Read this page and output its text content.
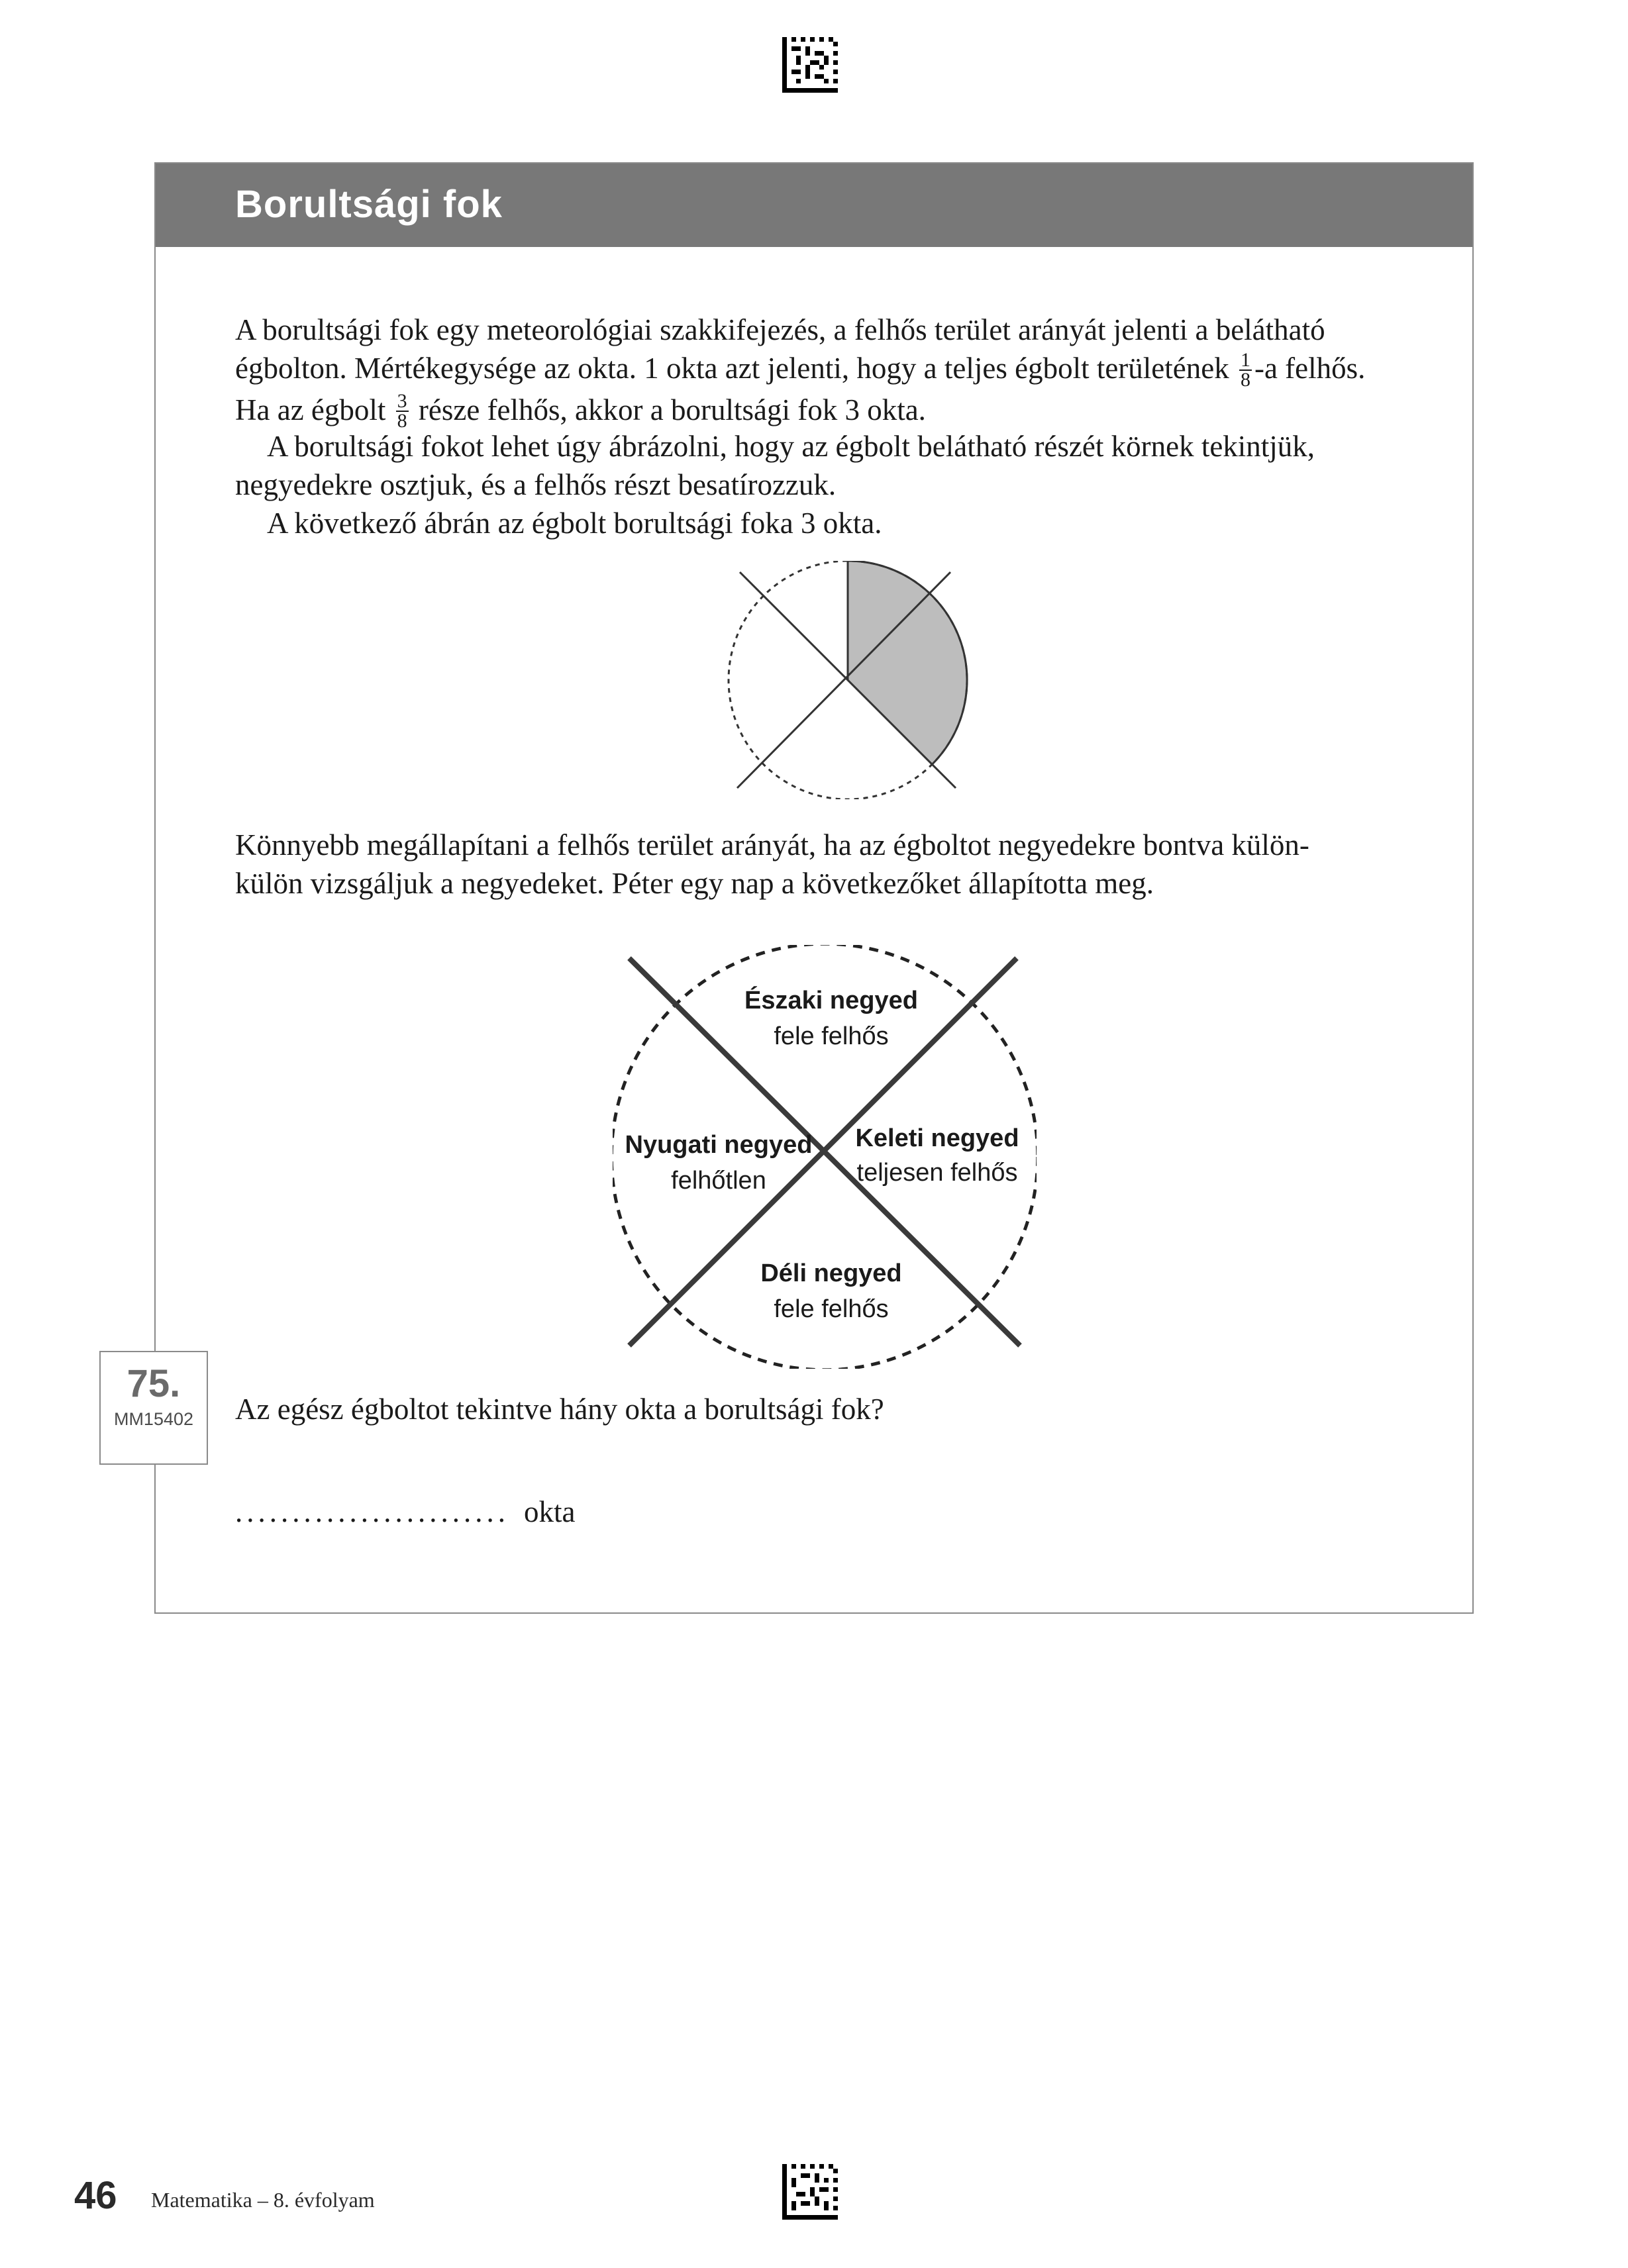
Borultsági fok
A borultsági fok egy meteorológiai szakkifejezés, a felhős terület arányát jelenti a belátható
égbolton. Mértékegysége az okta. 1 okta azt jelenti, hogy a teljes égbolt területének $\frac{1}{8} -a$ felhős.
Ha az égbolt $\frac{3}{8}$ része felhős, akkor a borultsági fok 3 okta.
A borultsági fokot lehet úgy ábrázolni, hogy az égbolt belátható részét körnek tekintjük,
negyedekre osztjuk, és a felhős részt besatírozzuk.
A következő ábrán az égbolt borultsági foka 3 okta.
Könnyebb megállapítani a felhős terület arányát, ha az égboltot negyedekre bontva külön-
külön vizsgáljuk a negyedeket. Péter egy nap a következőket állapította meg.
Északi negyed
fele felhős
Nyugati negyed
felhőtlen
Keleti negyed
teljesen felhős
Déli negyed
fele felhős
Az egész égboltot tekintve hány okta a borultsági fok?
........................ okta
75.
MM15402
46 Matematika – 8. évfolyam
